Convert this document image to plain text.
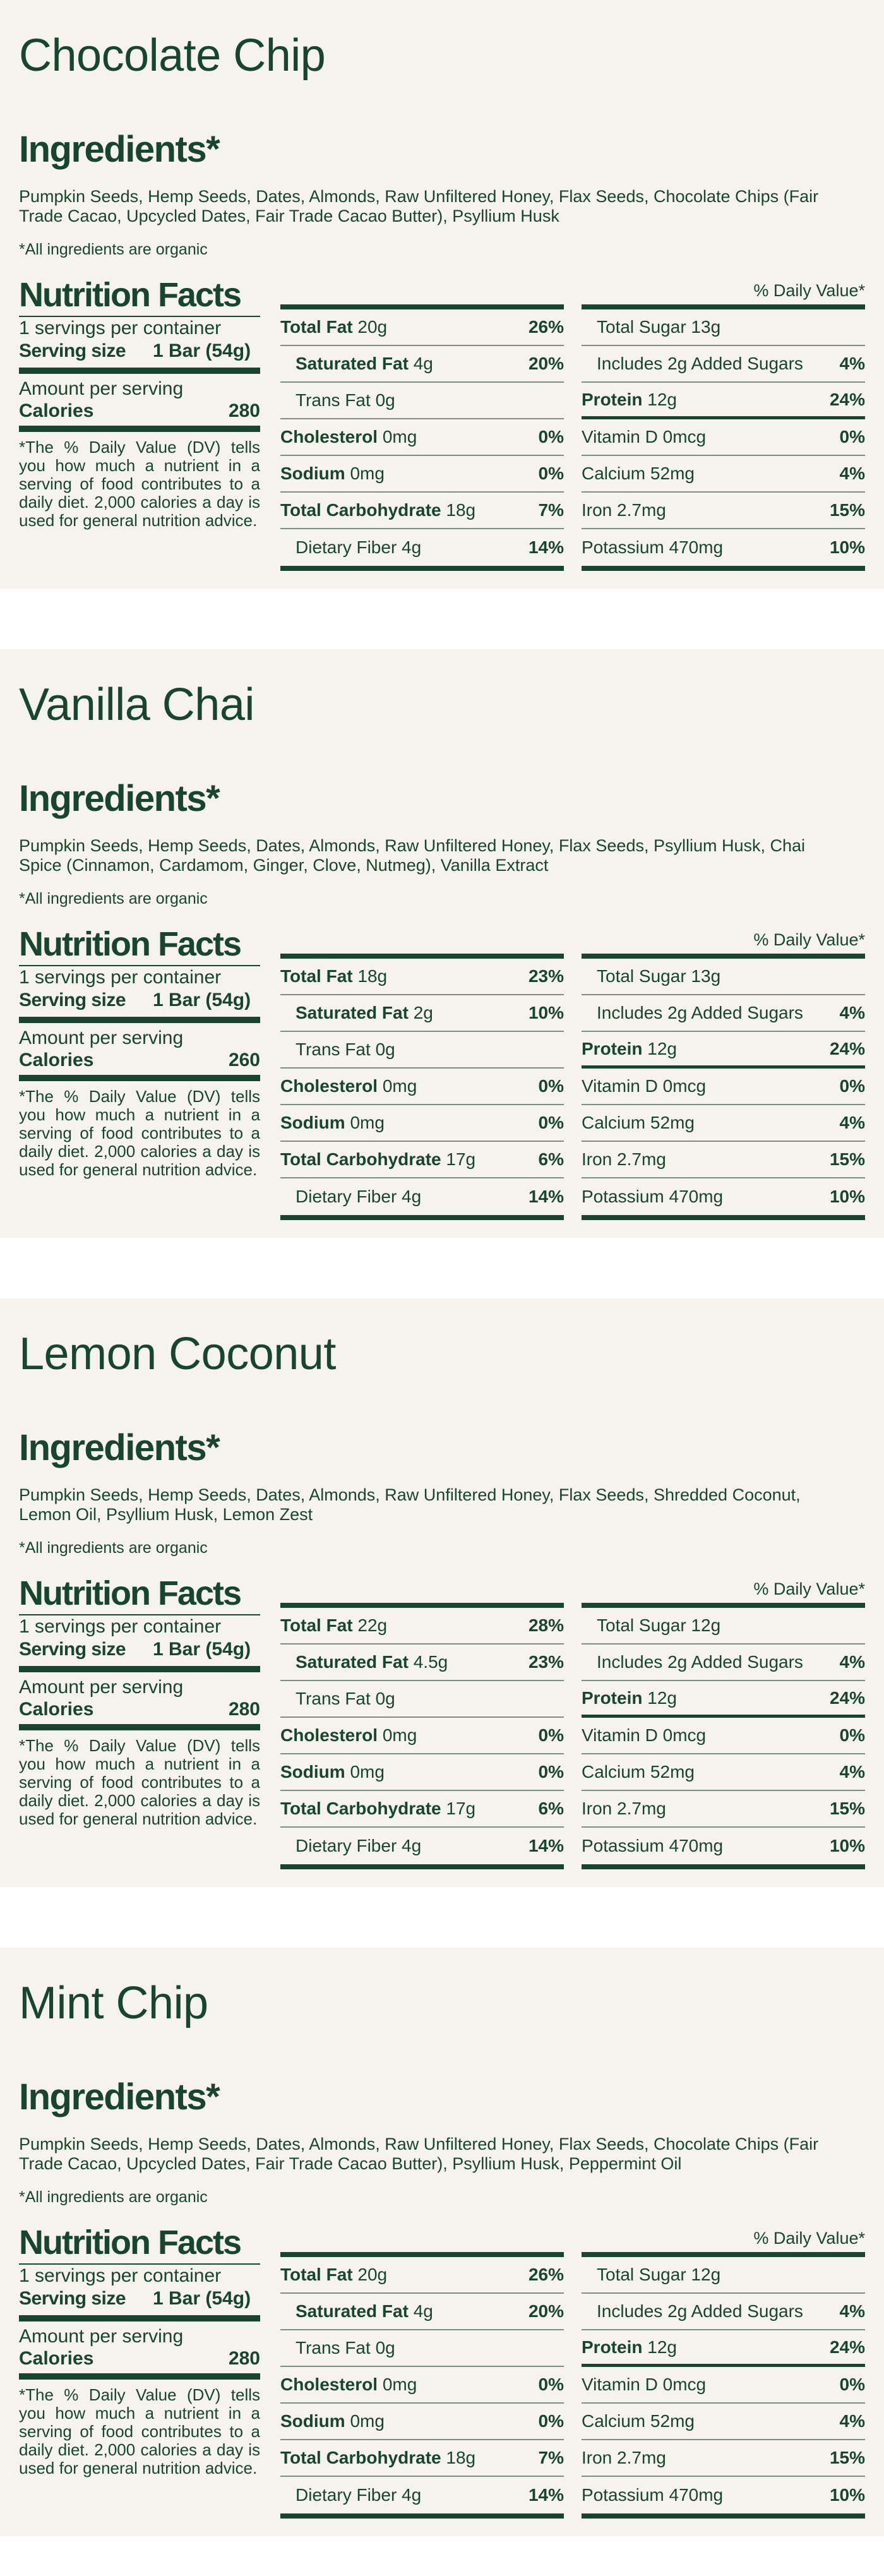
Chocolate Chip
Ingredients*

Pumpkin Seeds, Hemp Seeds, Dates, Almonds, Raw Unfiltered Honey, Flax Seeds, Chocolate Chips (Fair Trade Cacao, Upcycled Dates, Fair Trade Cacao Butter), Psyllium Husk

*All ingredients are organic

Nutrition Facts
1 servings per container
Serving size	1 Bar (54g)
Amount per serving
Calories	280

*The % Daily Value (DV) tells you how much a nutrient in a serving of food contributes to a daily diet. 2,000 calories a day is used for general nutrition advice.

% Daily Value*
Total Fat 20g	26%
Saturated Fat 4g	20%
Trans Fat 0g
Cholesterol 0mg	0%
Sodium 0mg	0%
Total Carbohydrate 18g	7%
Dietary Fiber 4g	14%
Total Sugar 13g
Includes 2g Added Sugars 4%
Protein 12g	24%
Vitamin D 0mcg	0%
Calcium 52mg	4%
Iron 2.7mg	15%
Potassium 470mg	10%
Vanilla Chai
Ingredients*

Pumpkin Seeds, Hemp Seeds, Dates, Almonds, Raw Unfiltered Honey, Flax Seeds, Psyllium Husk, Chai Spice (Cinnamon, Cardamom, Ginger, Clove, Nutmeg), Vanilla Extract

*All ingredients are organic

Nutrition Facts
1 servings per container
Serving size	1 Bar (54g)
Amount per serving
Calories	260

*The % Daily Value (DV) tells you how much a nutrient in a serving of food contributes to a daily diet. 2,000 calories a day is used for general nutrition advice.

% Daily Value*
Total Fat 18g	23%
Saturated Fat 2g	10%
Trans Fat 0g
Cholesterol 0mg	0%
Sodium 0mg	0%
Total Carbohydrate 17g	6%
Dietary Fiber 4g	14%
Total Sugar 13g
Includes 2g Added Sugars 4%
Protein 12g	24%
Vitamin D 0mcg	0%
Calcium 52mg	4%
Iron 2.7mg	15%
Potassium 470mg	10%
Lemon Coconut
Ingredients*

Pumpkin Seeds, Hemp Seeds, Dates, Almonds, Raw Unfiltered Honey, Flax Seeds, Shredded Coconut, Lemon Oil, Psyllium Husk, Lemon Zest

*All ingredients are organic

Nutrition Facts
1 servings per container
Serving size	1 Bar (54g)
Amount per serving
Calories	280

*The % Daily Value (DV) tells you how much a nutrient in a serving of food contributes to a daily diet. 2,000 calories a day is used for general nutrition advice.

% Daily Value*
Total Fat 22g	28%
Saturated Fat 4.5g	23%
Trans Fat 0g
Cholesterol 0mg	0%
Sodium 0mg	0%
Total Carbohydrate 17g	6%
Dietary Fiber 4g	14%
Total Sugar 12g
Includes 2g Added Sugars 4%
Protein 12g	24%
Vitamin D 0mcg	0%
Calcium 52mg	4%
Iron 2.7mg	15%
Potassium 470mg	10%
Mint Chip
Ingredients*

Pumpkin Seeds, Hemp Seeds, Dates, Almonds, Raw Unfiltered Honey, Flax Seeds, Chocolate Chips (Fair Trade Cacao, Upcycled Dates, Fair Trade Cacao Butter), Psyllium Husk, Peppermint Oil

*All ingredients are organic

Nutrition Facts
1 servings per container
Serving size	1 Bar (54g)
Amount per serving
Calories	280

*The % Daily Value (DV) tells you how much a nutrient in a serving of food contributes to a daily diet. 2,000 calories a day is used for general nutrition advice.

% Daily Value*
Total Fat 20g	26%
Saturated Fat 4g	20%
Trans Fat 0g
Cholesterol 0mg	0%
Sodium 0mg	0%
Total Carbohydrate 18g	7%
Dietary Fiber 4g	14%
Total Sugar 12g
Includes 2g Added Sugars 4%
Protein 12g	24%
Vitamin D 0mcg	0%
Calcium 52mg	4%
Iron 2.7mg	15%
Potassium 470mg	10%
